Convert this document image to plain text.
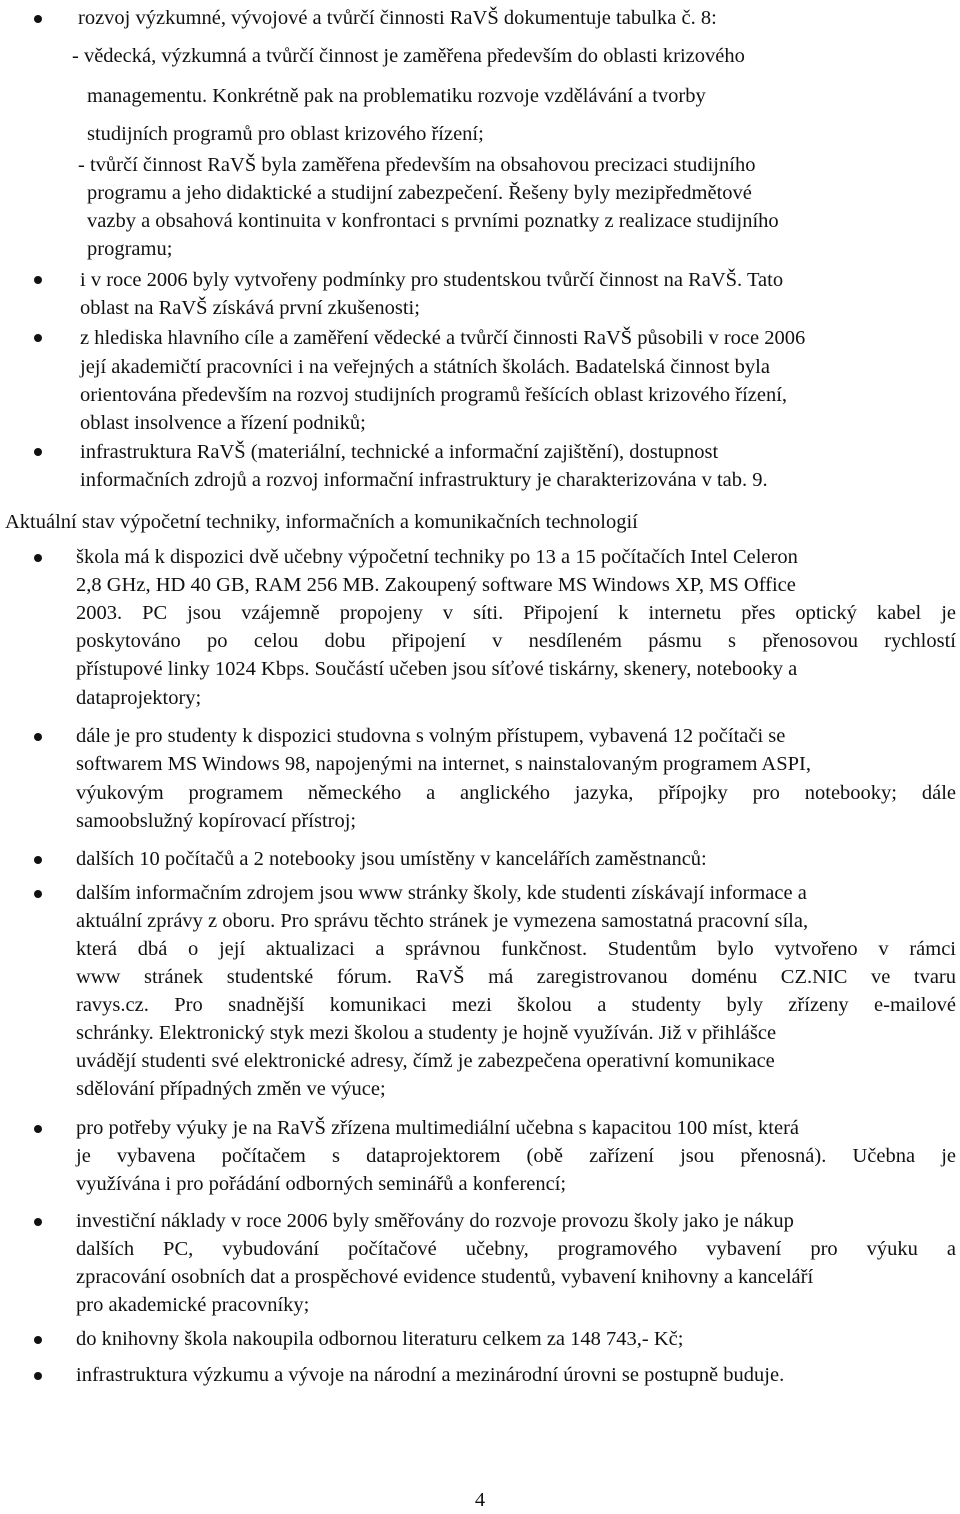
rozvoj výzkumné, vývojové a tvůrčí činnosti RaVŠ dokumentuje tabulka č. 8:
- vědecká, výzkumná a tvůrčí činnost je zaměřena především do oblasti krizového
managementu. Konkrétně pak na problematiku rozvoje vzdělávání a tvorby
studijních programů pro oblast krizového řízení;
- tvůrčí činnost RaVŠ byla zaměřena především na obsahovou precizaci studijního
programu a jeho didaktické a studijní zabezpečení. Řešeny byly mezipředmětové
vazby a obsahová kontinuita v konfrontaci s prvními poznatky z realizace studijního
programu;
i v roce 2006 byly vytvořeny podmínky pro studentskou tvůrčí činnost na RaVŠ. Tato
oblast na RaVŠ získává první zkušenosti;
z hlediska hlavního cíle a zaměření vědecké a tvůrčí činnosti RaVŠ působili v roce 2006
její akademičtí pracovníci i na veřejných a státních školách. Badatelská činnost byla
orientována především na rozvoj studijních programů řešících oblast krizového řízení,
oblast insolvence a řízení podniků;
infrastruktura RaVŠ (materiální, technické a informační zajištění), dostupnost
informačních zdrojů a rozvoj informační infrastruktury je charakterizována v tab. 9.
Aktuální stav výpočetní techniky, informačních a komunikačních technologií
škola má k dispozici dvě učebny výpočetní techniky po 13 a 15 počítačích Intel Celeron
2,8 GHz, HD 40 GB, RAM 256 MB. Zakoupený software MS Windows XP, MS Office
2003. PC jsou vzájemně propojeny v síti. Připojení k internetu přes optický kabel je
poskytováno po celou dobu připojení v nesdíleném pásmu s přenosovou rychlostí
přístupové linky 1024 Kbps. Součástí učeben jsou síťové tiskárny, skenery, notebooky a
dataprojektory;
dále je pro studenty k dispozici studovna s volným přístupem, vybavená 12 počítači se
softwarem MS Windows 98, napojenými na internet, s nainstalovaným programem ASPI,
výukovým programem německého a anglického jazyka, přípojky pro notebooky; dále
samoobslužný kopírovací přístroj;
dalších 10 počítačů a 2 notebooky jsou umístěny v kancelářích zaměstnanců:
dalším informačním zdrojem jsou www stránky školy, kde studenti získávají informace a
aktuální zprávy z oboru. Pro správu těchto stránek je vymezena samostatná pracovní síla,
která dbá o její aktualizaci a správnou funkčnost. Studentům bylo vytvořeno v rámci
www stránek studentské fórum. RaVŠ má zaregistrovanou doménu CZ.NIC ve tvaru
ravys.cz. Pro snadnější komunikaci mezi školou a studenty byly zřízeny e-mailové
schránky. Elektronický styk mezi školou a studenty je hojně využíván. Již v přihlášce
uvádějí studenti své elektronické adresy, čímž je zabezpečena operativní komunikace
sdělování případných změn ve výuce;
pro potřeby výuky je na RaVŠ zřízena multimediální učebna s kapacitou 100 míst, která
je vybavena počítačem s dataprojektorem (obě zařízení jsou přenosná). Učebna je
využívána i pro pořádání odborných seminářů a konferencí;
investiční náklady v roce 2006 byly směřovány do rozvoje provozu školy jako je nákup
dalších PC, vybudování počítačové učebny, programového vybavení pro výuku a
zpracování osobních dat a prospěchové evidence studentů, vybavení knihovny a kanceláří
pro akademické pracovníky;
do knihovny škola nakoupila odbornou literaturu celkem za 148 743,- Kč;
infrastruktura výzkumu a vývoje na národní a mezinárodní úrovni se postupně buduje.
4
